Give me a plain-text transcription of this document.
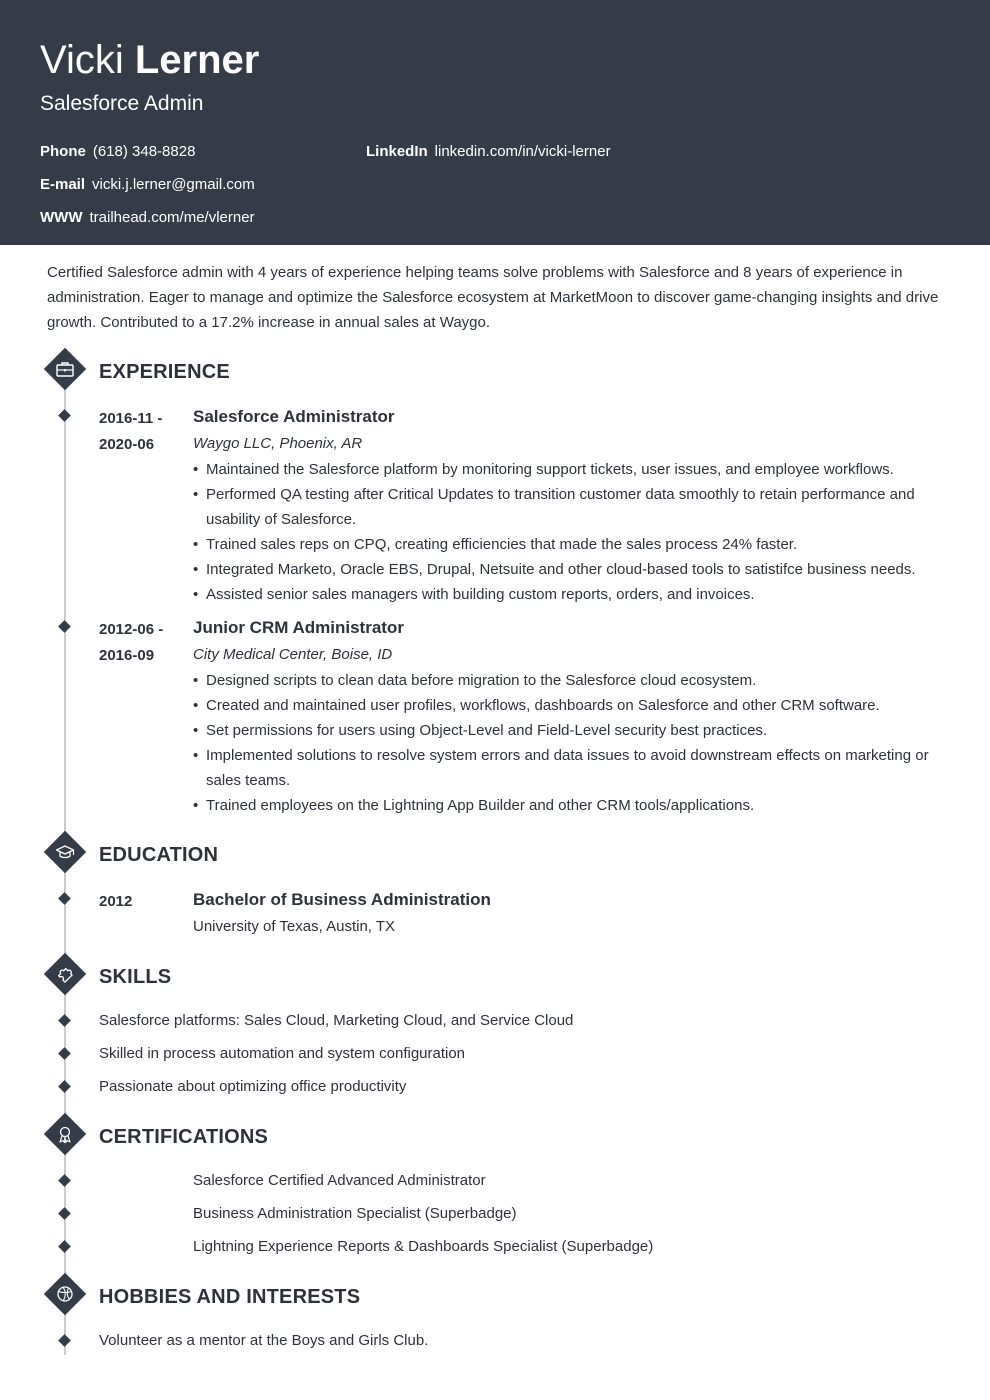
Vicki Lerner
Salesforce Admin
Phone (618) 348-8828
E-mail vicki.j.lerner@gmail.com
WWW trailhead.com/me/vlerner
LinkedIn linkedin.com/in/vicki-lerner
Certified Salesforce admin with 4 years of experience helping teams solve problems with Salesforce and 8 years of experience in administration. Eager to manage and optimize the Salesforce ecosystem at MarketMoon to discover game-changing insights and drive growth. Contributed to a 17.2% increase in annual sales at Waygo.
EXPERIENCE
2016-11 -
2020-06
Salesforce Administrator
Waygo LLC, Phoenix, AR
• Maintained the Salesforce platform by monitoring support tickets, user issues, and employee workflows.
• Performed QA testing after Critical Updates to transition customer data smoothly to retain performance and usability of Salesforce.
• Trained sales reps on CPQ, creating efficiencies that made the sales process 24% faster.
• Integrated Marketo, Oracle EBS, Drupal, Netsuite and other cloud-based tools to satistifce business needs.
• Assisted senior sales managers with building custom reports, orders, and invoices.
2012-06 -
2016-09
Junior CRM Administrator
City Medical Center, Boise, ID
• Designed scripts to clean data before migration to the Salesforce cloud ecosystem.
• Created and maintained user profiles, workflows, dashboards on Salesforce and other CRM software.
• Set permissions for users using Object-Level and Field-Level security best practices.
• Implemented solutions to resolve system errors and data issues to avoid downstream effects on marketing or sales teams.
• Trained employees on the Lightning App Builder and other CRM tools/applications.
EDUCATION
2012	Bachelor of Business Administration
University of Texas, Austin, TX
SKILLS
Salesforce platforms: Sales Cloud, Marketing Cloud, and Service Cloud
Skilled in process automation and system configuration
Passionate about optimizing office productivity
CERTIFICATIONS
Salesforce Certified Advanced Administrator
Business Administration Specialist (Superbadge)
Lightning Experience Reports & Dashboards Specialist (Superbadge)
HOBBIES AND INTERESTS
Volunteer as a mentor at the Boys and Girls Club.
